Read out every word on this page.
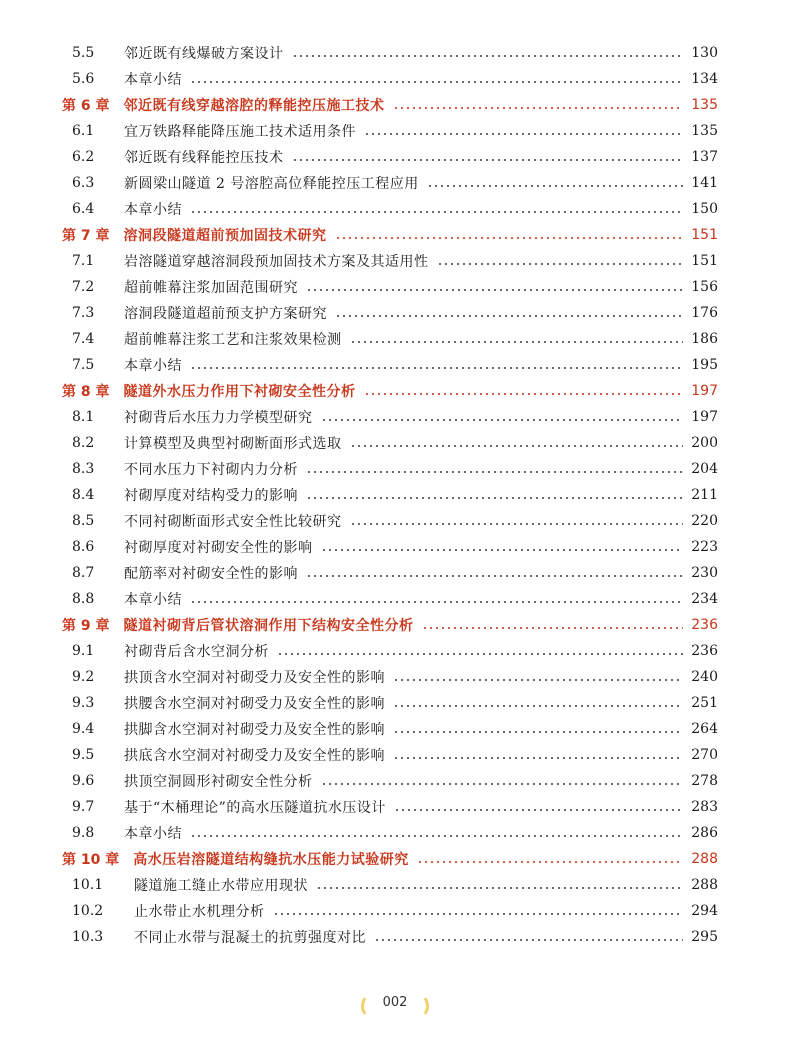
5.5	邻近既有线爆破方案设计	130
5.6	本章小结	134
第 6 章	邻近既有线穿越溶腔的释能控压施工技术	135
6.1	宜万铁路释能降压施工技术适用条件	135
6.2	邻近既有线释能控压技术	137
6.3	新圆梁山隧道 2 号溶腔高位释能控压工程应用	141
6.4	本章小结	150
第 7 章	溶洞段隧道超前预加固技术研究	151
7.1	岩溶隧道穿越溶洞段预加固技术方案及其适用性	151
7.2	超前帷幕注浆加固范围研究	156
7.3	溶洞段隧道超前预支护方案研究	176
7.4	超前帷幕注浆工艺和注浆效果检测	186
7.5	本章小结	195
第 8 章	隧道外水压力作用下衬砌安全性分析	197
8.1	衬砌背后水压力力学模型研究	197
8.2	计算模型及典型衬砌断面形式选取	200
8.3	不同水压力下衬砌内力分析	204
8.4	衬砌厚度对结构受力的影响	211
8.5	不同衬砌断面形式安全性比较研究	220
8.6	衬砌厚度对衬砌安全性的影响	223
8.7	配筋率对衬砌安全性的影响	230
8.8	本章小结	234
第 9 章	隧道衬砌背后管状溶洞作用下结构安全性分析	236
9.1	衬砌背后含水空洞分析	236
9.2	拱顶含水空洞对衬砌受力及安全性的影响	240
9.3	拱腰含水空洞对衬砌受力及安全性的影响	251
9.4	拱脚含水空洞对衬砌受力及安全性的影响	264
9.5	拱底含水空洞对衬砌受力及安全性的影响	270
9.6	拱顶空洞圆形衬砌安全性分析	278
9.7	基于“木桶理论”的高水压隧道抗水压设计	283
9.8	本章小结	286
第 10 章	高水压岩溶隧道结构缝抗水压能力试验研究	288
10.1	隧道施工缝止水带应用现状	288
10.2	止水带止水机理分析	294
10.3	不同止水带与混凝土的抗剪强度对比	295
002
